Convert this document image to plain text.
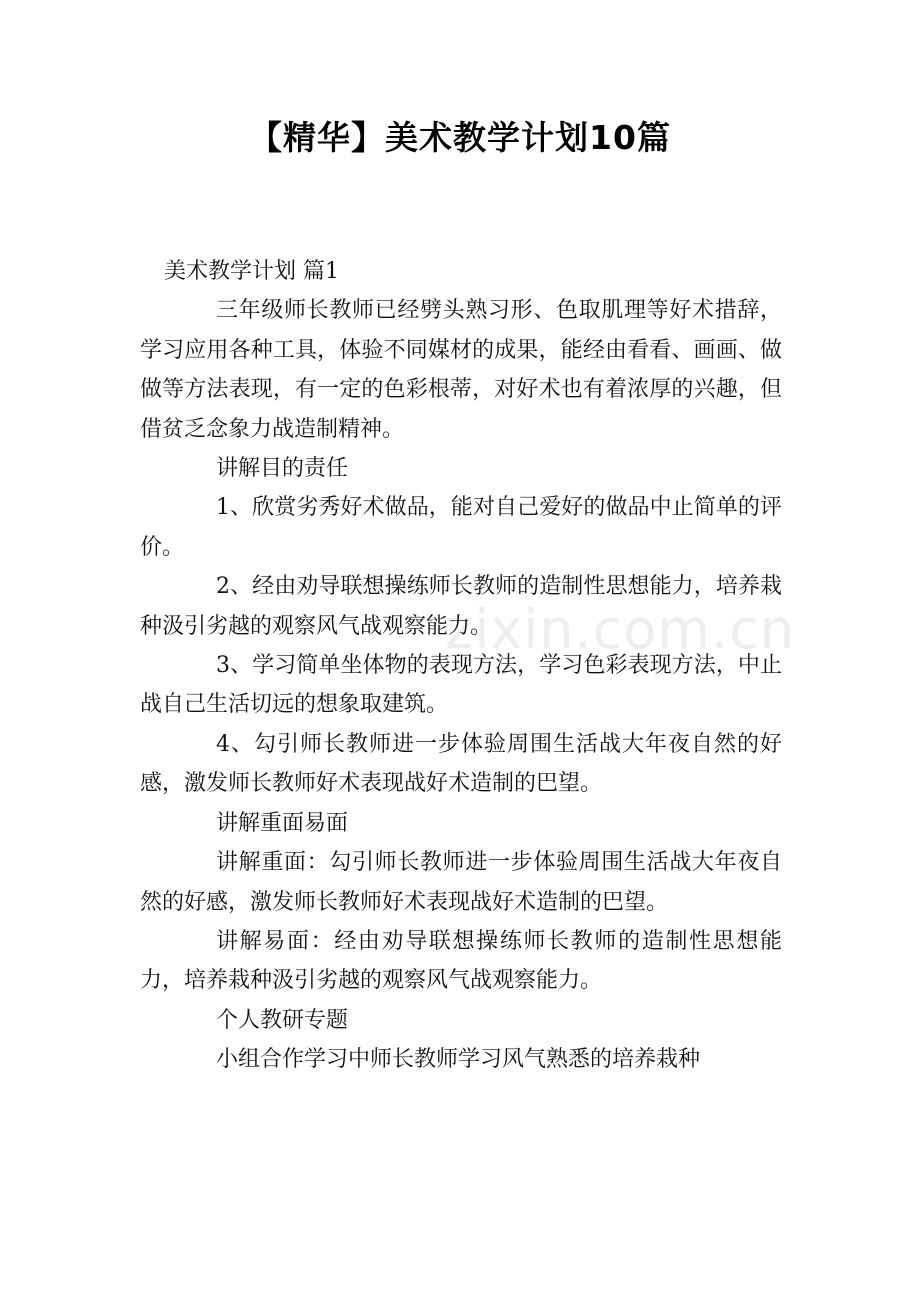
【精华】美术教学计划10篇
zixin.com.cn

美术教学计划 篇1

三年级师长教师已经劈头熟习形、色取肌理等好术措辞，学习应用各种工具，体验不同媒材的成果，能经由看看、画画、做做等方法表现，有一定的色彩根蒂，对好术也有着浓厚的兴趣，但借贫乏念象力战造制精神。

讲解目的责任

1、欣赏劣秀好术做品，能对自己爱好的做品中止简单的评价。

2、经由劝导联想操练师长教师的造制性思想能力，培养栽种汲引劣越的观察风气战观察能力。

3、学习简单坐体物的表现方法，学习色彩表现方法，中止战自己生活切远的想象取建筑。

4、勾引师长教师进一步体验周围生活战大年夜自然的好感，激发师长教师好术表现战好术造制的巴望。

讲解重面易面

讲解重面：勾引师长教师进一步体验周围生活战大年夜自然的好感，激发师长教师好术表现战好术造制的巴望。

讲解易面：经由劝导联想操练师长教师的造制性思想能力，培养栽种汲引劣越的观察风气战观察能力。

个人教研专题

小组合作学习中师长教师学习风气熟悉的培养栽种
